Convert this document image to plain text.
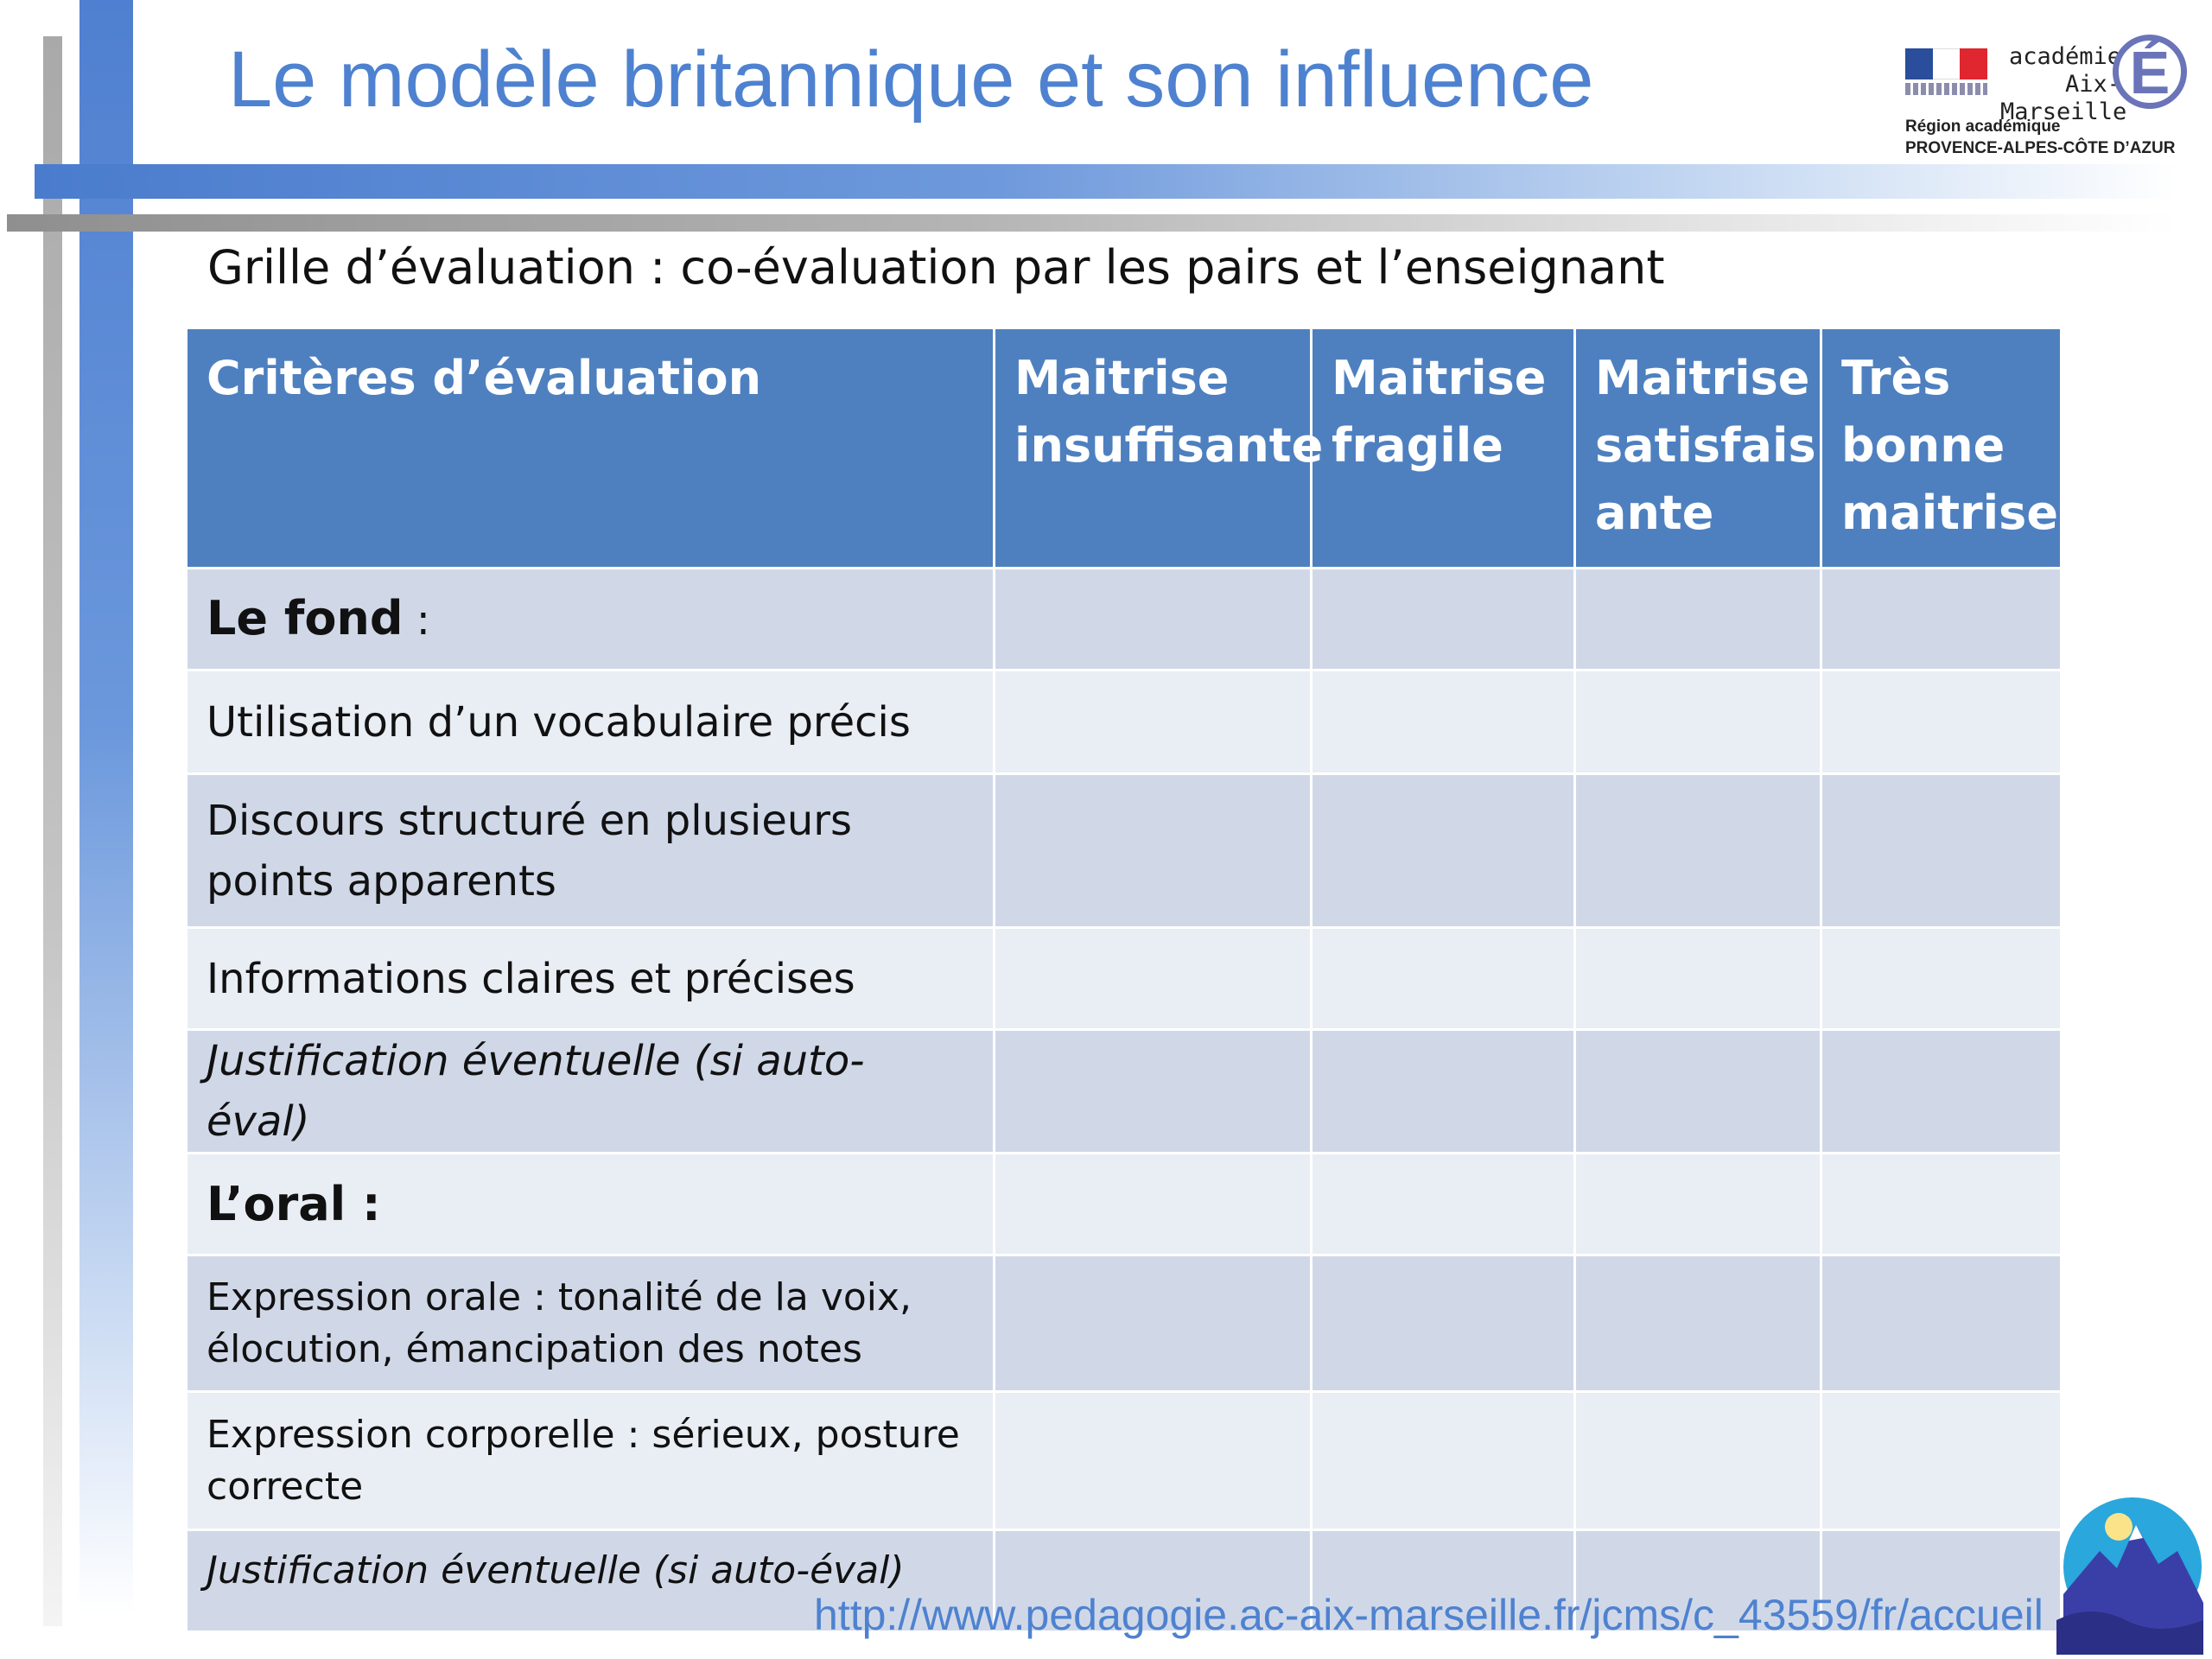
Le modèle britannique et son influence	académie
Aix-Marseille
É
Région académique
PROVENCE-ALPES-CÔTE D’AZUR
Grille d’évaluation : co-évaluation par les pairs et l’enseignant
Critères d’évaluation	Maitrise insuffisante	Maitrise fragile	Maitrise satisfais ante	Très bonne maitrise
Le fond :				
Utilisation d’un vocabulaire précis				
Discours structuré en plusieurs points apparents				
Informations claires et précises				
Justification éventuelle (si auto- éval)				
L’oral :				
Expression orale : tonalité de la voix, élocution, émancipation des notes				
Expression corporelle : sérieux, posture correcte				
Justification éventuelle (si auto-éval)				
http://www.pedagogie.ac-aix-marseille.fr/jcms/c_43559/fr/accueil
